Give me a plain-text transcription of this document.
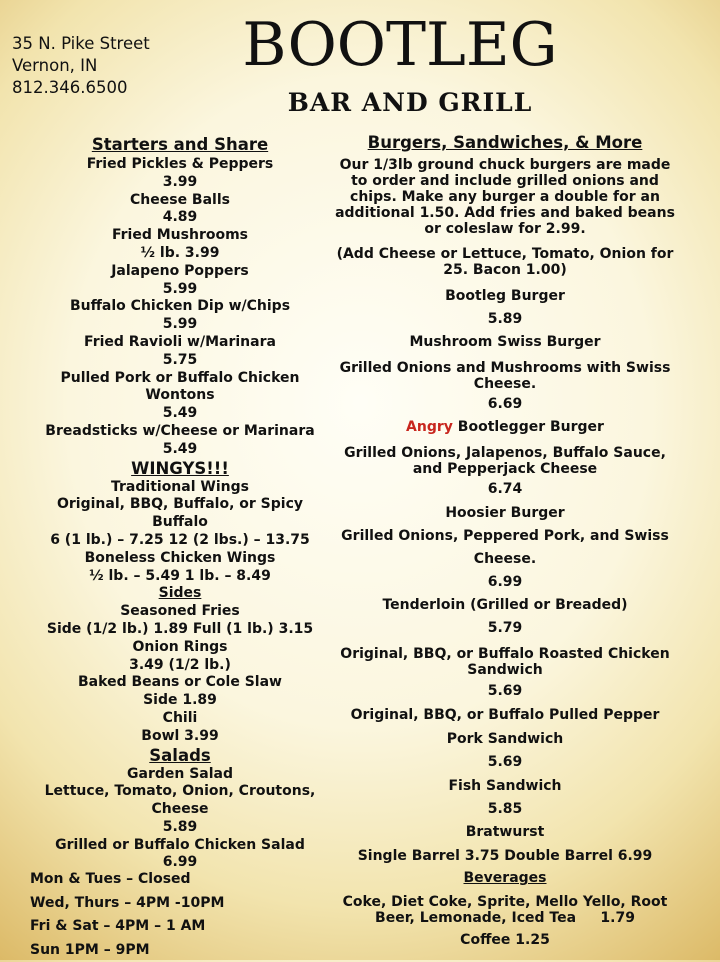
35 N. Pike Street
Vernon, IN
812.346.6500
BOOTLEG
BAR AND GRILL
Starters and Share
Fried Pickles & Peppers
3.99
Cheese Balls
4.89
Fried Mushrooms
½ lb. 3.99
Jalapeno Poppers
5.99
Buffalo Chicken Dip w/Chips
5.99
Fried Ravioli w/Marinara
5.75
Pulled Pork or Buffalo Chicken
Wontons
5.49
Breadsticks w/Cheese or Marinara
5.49
WINGYS!!!
Traditional Wings
Original, BBQ, Buffalo, or Spicy
Buffalo
6 (1 lb.) – 7.25 12 (2 lbs.) – 13.75
Boneless Chicken Wings
½ lb. – 5.49 1 lb. – 8.49
Sides
Seasoned Fries
Side (1/2 lb.) 1.89 Full (1 lb.) 3.15
Onion Rings
3.49 (1/2 lb.)
Baked Beans or Cole Slaw
Side 1.89
Chili
Bowl 3.99
Salads
Garden Salad
Lettuce, Tomato, Onion, Croutons,
Cheese
5.89
Grilled or Buffalo Chicken Salad
6.99
Mon & Tues – Closed
Wed, Thurs – 4PM -10PM
Fri & Sat – 4PM – 1 AM
Sun 1PM – 9PM
Burgers, Sandwiches, & More
Our 1/3lb ground chuck burgers are made to order and include grilled onions and chips. Make any burger a double for an additional 1.50. Add fries and baked beans or coleslaw for 2.99.
(Add Cheese or Lettuce, Tomato, Onion for 25. Bacon 1.00)
Bootleg Burger
5.89
Mushroom Swiss Burger
Grilled Onions and Mushrooms with Swiss Cheese.
6.69
Angry Bootlegger Burger
Grilled Onions, Jalapenos, Buffalo Sauce, and Pepperjack Cheese
6.74
Hoosier Burger
Grilled Onions, Peppered Pork, and Swiss Cheese.
6.99
Tenderloin (Grilled or Breaded)
5.79
Original, BBQ, or Buffalo Roasted Chicken Sandwich
5.69
Original, BBQ, or Buffalo Pulled Pepper
Pork Sandwich
5.69
Fish Sandwich
5.85
Bratwurst
Single Barrel 3.75 Double Barrel 6.99
Beverages
Coke, Diet Coke, Sprite, Mello Yello, Root Beer, Lemonade, Iced Tea     1.79
Coffee 1.25
